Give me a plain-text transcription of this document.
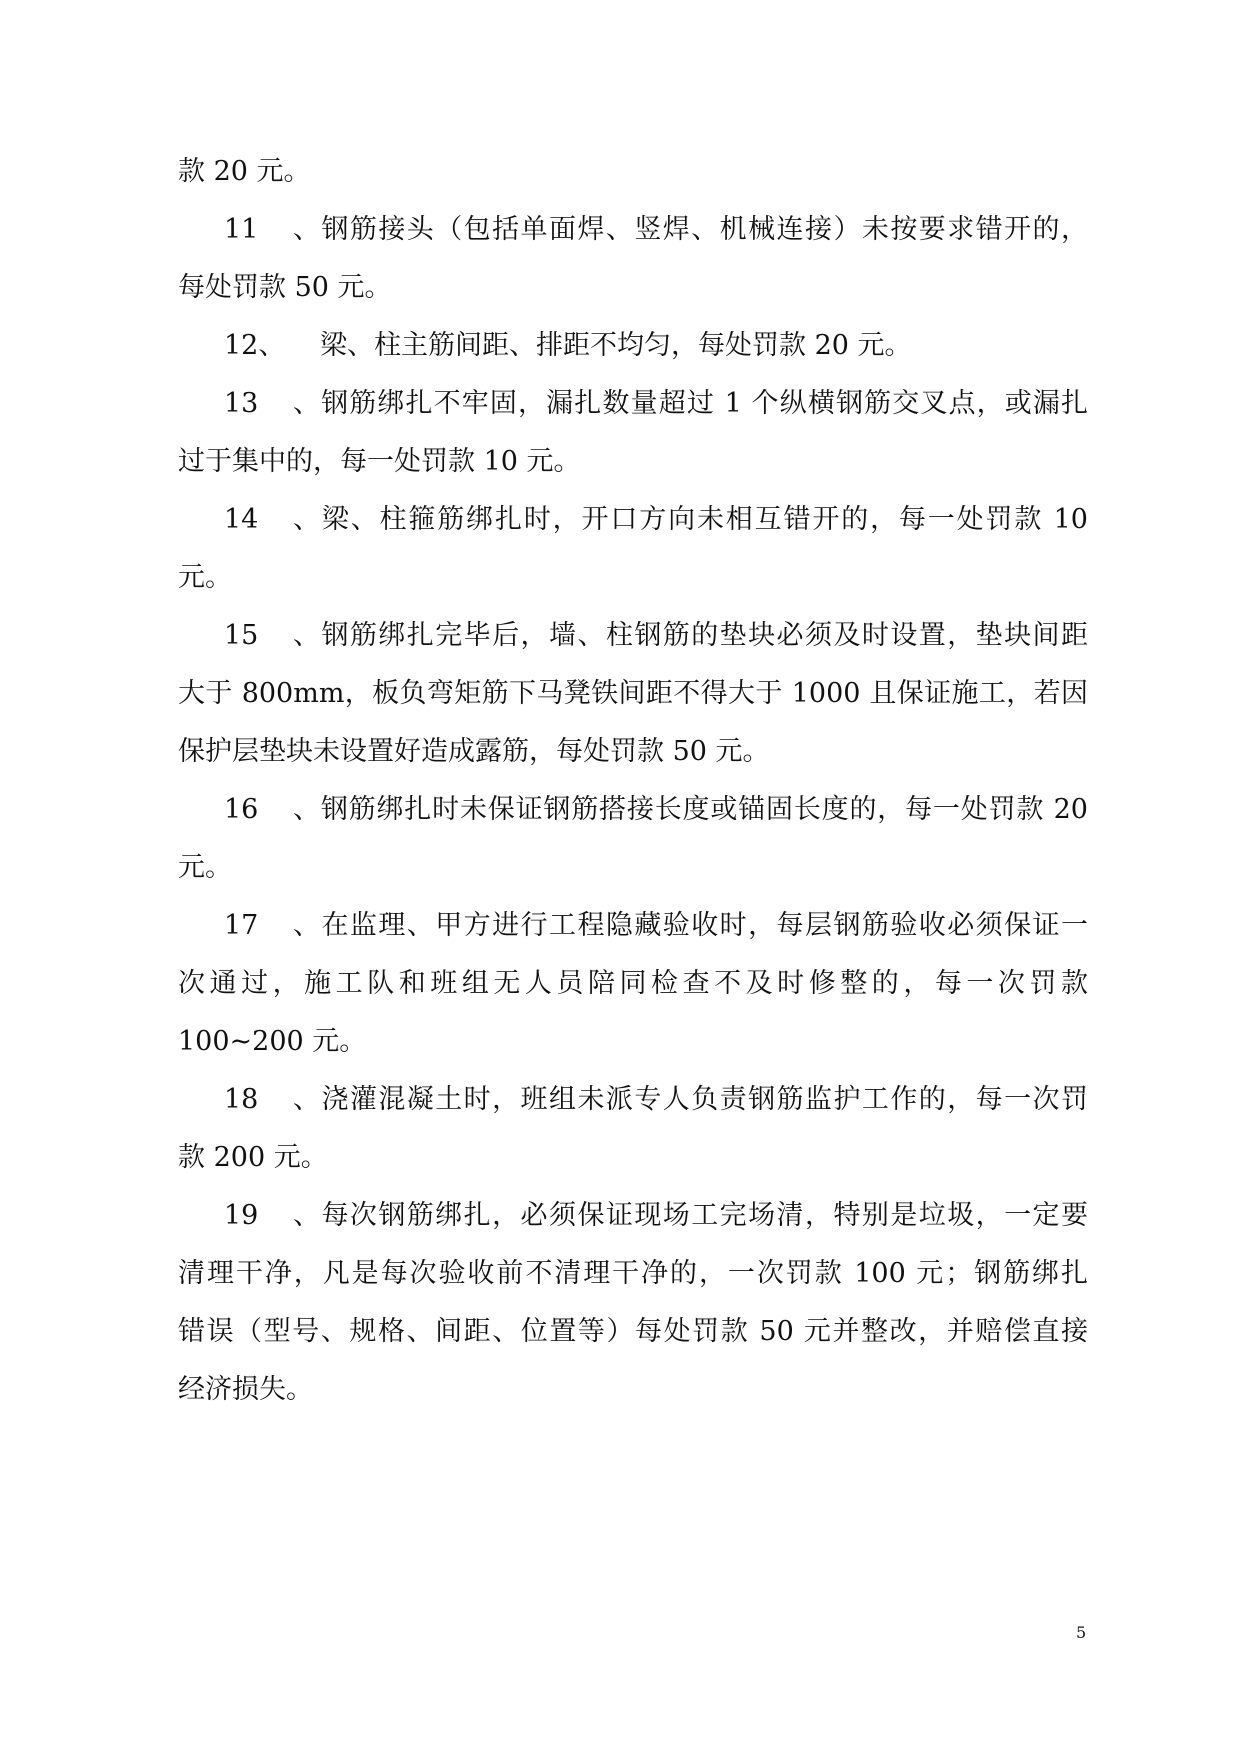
款 20 元。
11、钢筋接头（包括单面焊、竖焊、机械连接）未按要求错开的，
每处罚款 50 元。
12、 梁、柱主筋间距、排距不均匀，每处罚款 20 元。
13、钢筋绑扎不牢固，漏扎数量超过 1 个纵横钢筋交叉点，或漏扎
过于集中的，每一处罚款 10 元。
14、梁、柱箍筋绑扎时，开口方向未相互错开的，每一处罚款 10
元。
15、钢筋绑扎完毕后，墙、柱钢筋的垫块必须及时设置，垫块间距
大于 800mm，板负弯矩筋下马凳铁间距不得大于 1000 且保证施工，若因
保护层垫块未设置好造成露筋，每处罚款 50 元。
16、钢筋绑扎时未保证钢筋搭接长度或锚固长度的，每一处罚款 20
元。
17、在监理、甲方进行工程隐藏验收时，每层钢筋验收必须保证一
次通过，施工队和班组无人员陪同检查不及时修整的，每一次罚款
100~200 元。
18、浇灌混凝土时，班组未派专人负责钢筋监护工作的，每一次罚
款 200 元。
19、每次钢筋绑扎，必须保证现场工完场清，特别是垃圾，一定要
清理干净，凡是每次验收前不清理干净的，一次罚款 100 元；钢筋绑扎
错误（型号、规格、间距、位置等）每处罚款 50 元并整改，并赔偿直接
经济损失。
5
